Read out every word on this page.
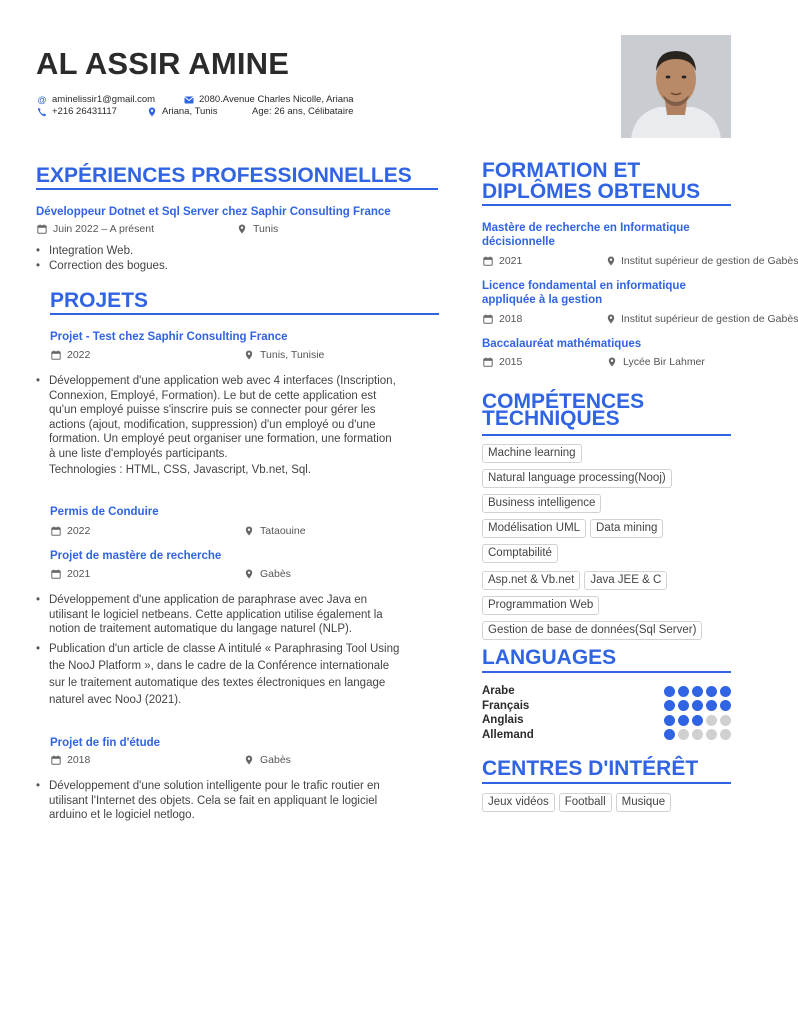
AL ASSIR AMINE
@ aminelissir1@gmail.com	2080.Avenue Charles Nicolle, Ariana
+216 26431117	Ariana, Tunis	Age: 26 ans, Célibataire
EXPÉRIENCES PROFESSIONNELLES
Développeur Dotnet et Sql Server chez Saphir Consulting France
Juin 2022 – A présent	Tunis
• Integration Web.
• Correction des bogues.
PROJETS
Projet - Test chez Saphir Consulting France
2022	Tunis, Tunisie
• Développement d'une application web avec 4 interfaces (Inscription,
Connexion, Employé, Formation). Le but de cette application est
qu'un employé puisse s'inscrire puis se connecter pour gérer les
actions (ajout, modification, suppression) d'un employé ou d'une
formation. Un employé peut organiser une formation, une formation
à une liste d'employés participants.
Technologies : HTML, CSS, Javascript, Vb.net, Sql.
Permis de Conduire
2022	Tataouine
Projet de mastère de recherche
2021	Gabès
• Développement d'une application de paraphrase avec Java en
utilisant le logiciel netbeans. Cette application utilise également la
notion de traitement automatique du langage naturel (NLP).
• Publication d'un article de classe A intitulé « Paraphrasing Tool Using
the NooJ Platform », dans le cadre de la Conférence internationale
sur le traitement automatique des textes électroniques en langage
naturel avec NooJ (2021).
Projet de fin d'étude
2018	Gabès
• Développement d'une solution intelligente pour le trafic routier en
utilisant l'Internet des objets. Cela se fait en appliquant le logiciel
arduino et le logiciel netlogo.
FORMATION ET
DIPLÔMES OBTENUS
Mastère de recherche en Informatique
décisionnelle
2021	Institut supérieur de gestion de Gabès
Licence fondamental en informatique
appliquée à la gestion
2018	Institut supérieur de gestion de Gabès
Baccalauréat mathématiques
2015	Lycée Bir Lahmer
COMPÉTENCES
TECHNIQUES
Machine learning
Natural language processing(Nooj)
Business intelligence
Modélisation UML	Data mining
Comptabilité
Asp.net & Vb.net	Java JEE & C
Programmation Web
Gestion de base de données(Sql Server)
LANGUAGES
Arabe
Français
Anglais
Allemand
CENTRES D'INTÉRÊT
Jeux vidéos	Football	Musique
